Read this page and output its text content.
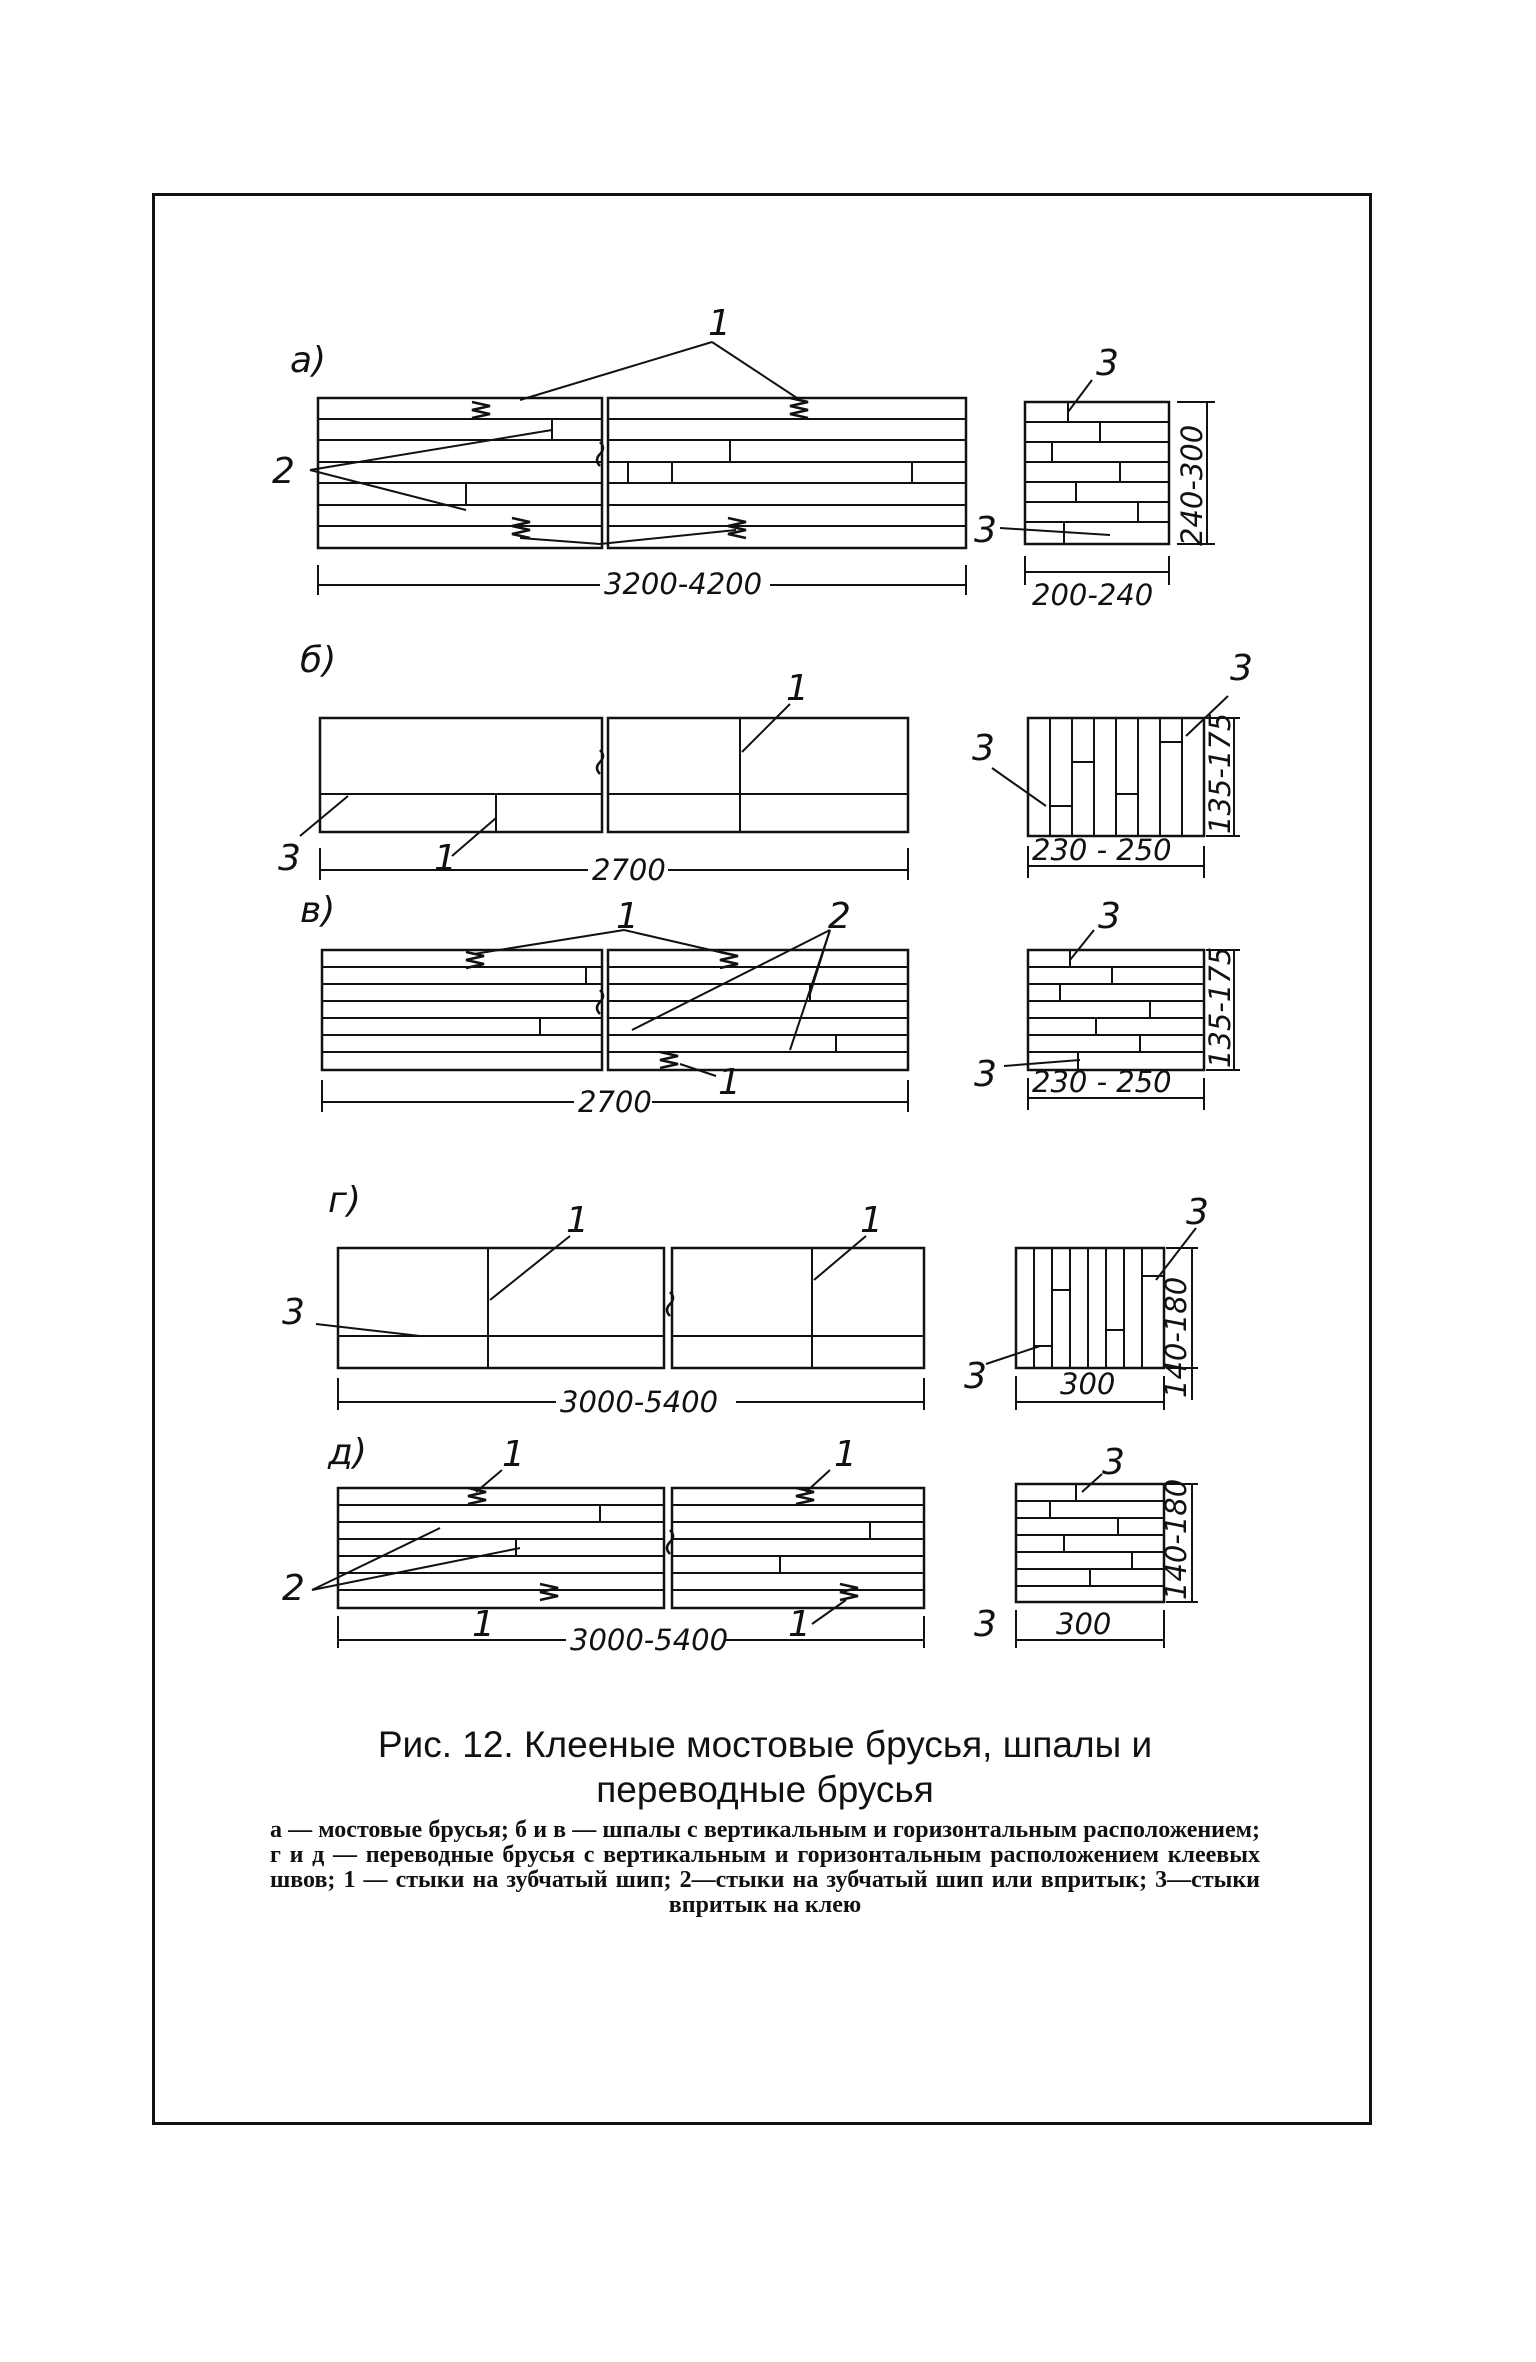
а)
1
2
3200-4200
3
3	240-300
200-240
б)
1
1
3	2700
3
3	135-175
230 - 250
в)	1	2
1
2700
3
3
135-175
230 - 250
г)	1	1
3
3000-5400
3
3	140-180
300
д)	1	1
2
1	1
3000-5400
3
3
140-180
300
Рис. 12. Клееные мостовые брусья, шпалы и переводные брусья
а — мостовые брусья; б и в — шпалы с вертикальным и горизонтальным расположением; г и д — переводные брусья с вертикальным и горизонтальным расположением клеевых швов; 1 — стыки на зубчатый шип; 2—стыки на зубчатый шип или впритык; 3—стыки впритык на клею
